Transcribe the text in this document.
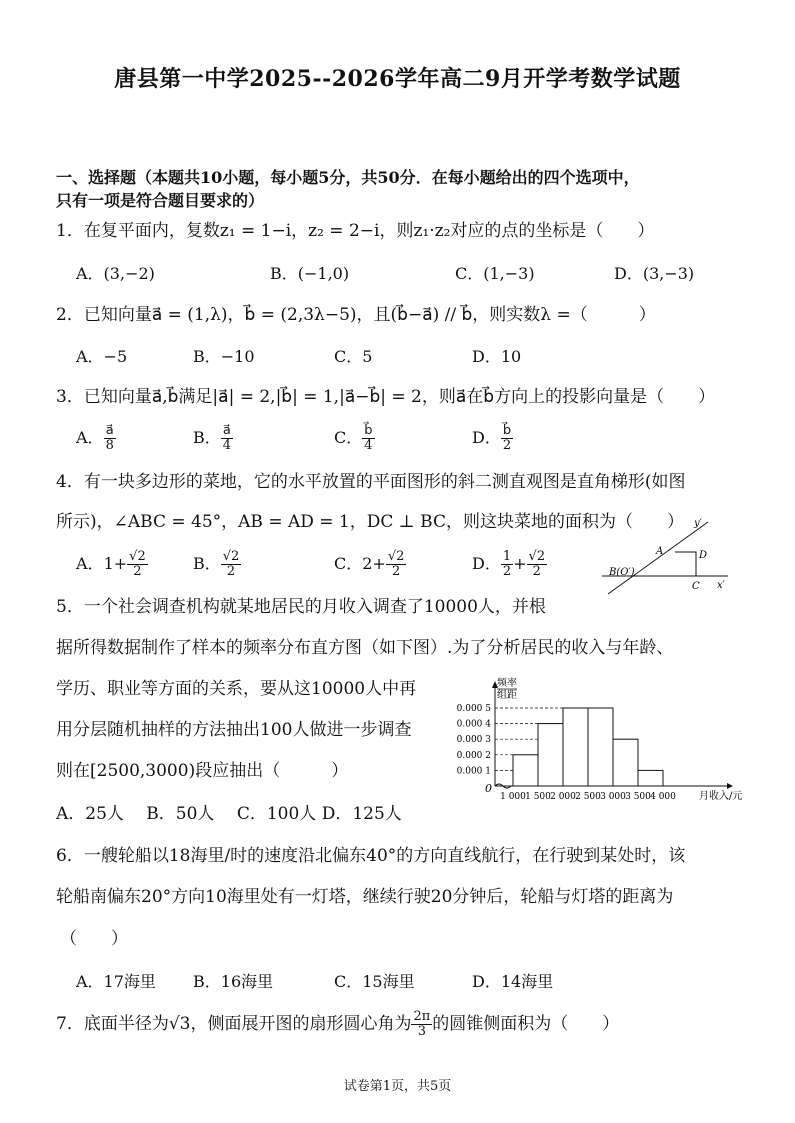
唐县第一中学2025--2026学年高二9月开学考数学试题
一、选择题（本题共10小题，每小题5分，共50分．在每小题给出的四个选项中，
只有一项是符合题目要求的）
1．在复平面内，复数z₁ = 1−i，z₂ = 2−i，则z₁·z₂对应的点的坐标是（　　）
A．(3,−2)	B．(−1,0)	C．(1,−3)	D．(3,−3)
2．已知向量a⃗ = (1,λ)，b⃗ = (2,3λ−5)，且(b⃗−a⃗) // b⃗，则实数λ =（　　　）
A．−5	B．−10	C．5	D．10
3．已知向量a⃗,b⃗满足|a⃗| = 2,|b⃗| = 1,|a⃗−b⃗| = 2，则a⃗在b⃗方向上的投影向量是（　　）
A． $\frac{a⃗}{8}$	B． $\frac{a⃗}{4}$	C． $\frac{b⃗}{4}$	D． $\frac{b⃗}{2}$
4．有一块多边形的菜地，它的水平放置的平面图形的斜二测直观图是直角梯形(如图
所示)，∠ABC = 45°，AB = AD = 1，DC ⊥ BC，则这块菜地的面积为（　　）
A．$1+ \frac{√2}{2}$	B． $\frac{√2}{2}$	C．$2+ \frac{√2}{2}$	D． $\frac{1}{2} + \frac{√2}{2}$
y′
x′
A	D
B(O′)
C
5．一个社会调查机构就某地居民的月收入调查了10000人，并根
据所得数据制作了样本的频率分布直方图（如下图）.为了分析居民的收入与年龄、
学历、职业等方面的关系，要从这10000人中再
用分层随机抽样的方法抽出100人做进一步调查
则在[2500,3000)段应抽出（　　　）
A．25人　 B．50人　 C．100人 D．125人
频率
组距
0.000 1
0.000 2
0.000 3
0.000 4
0.000 5
0
1 000 1 500 2 000 2 500 3 000 3 500 4 000 月收入/元
6．一艘轮船以18海里/时的速度沿北偏东40°的方向直线航行，在行驶到某处时，该
轮船南偏东20°方向10海里处有一灯塔，继续行驶20分钟后，轮船与灯塔的距离为
（　　）
A．17海里 B．16海里	C．15海里	D．14海里
7．底面半径为√3，侧面展开图的扇形圆心角为 $\frac{2\pi}{3}$ 的圆锥侧面积为（　　）
试卷第1页，共5页
